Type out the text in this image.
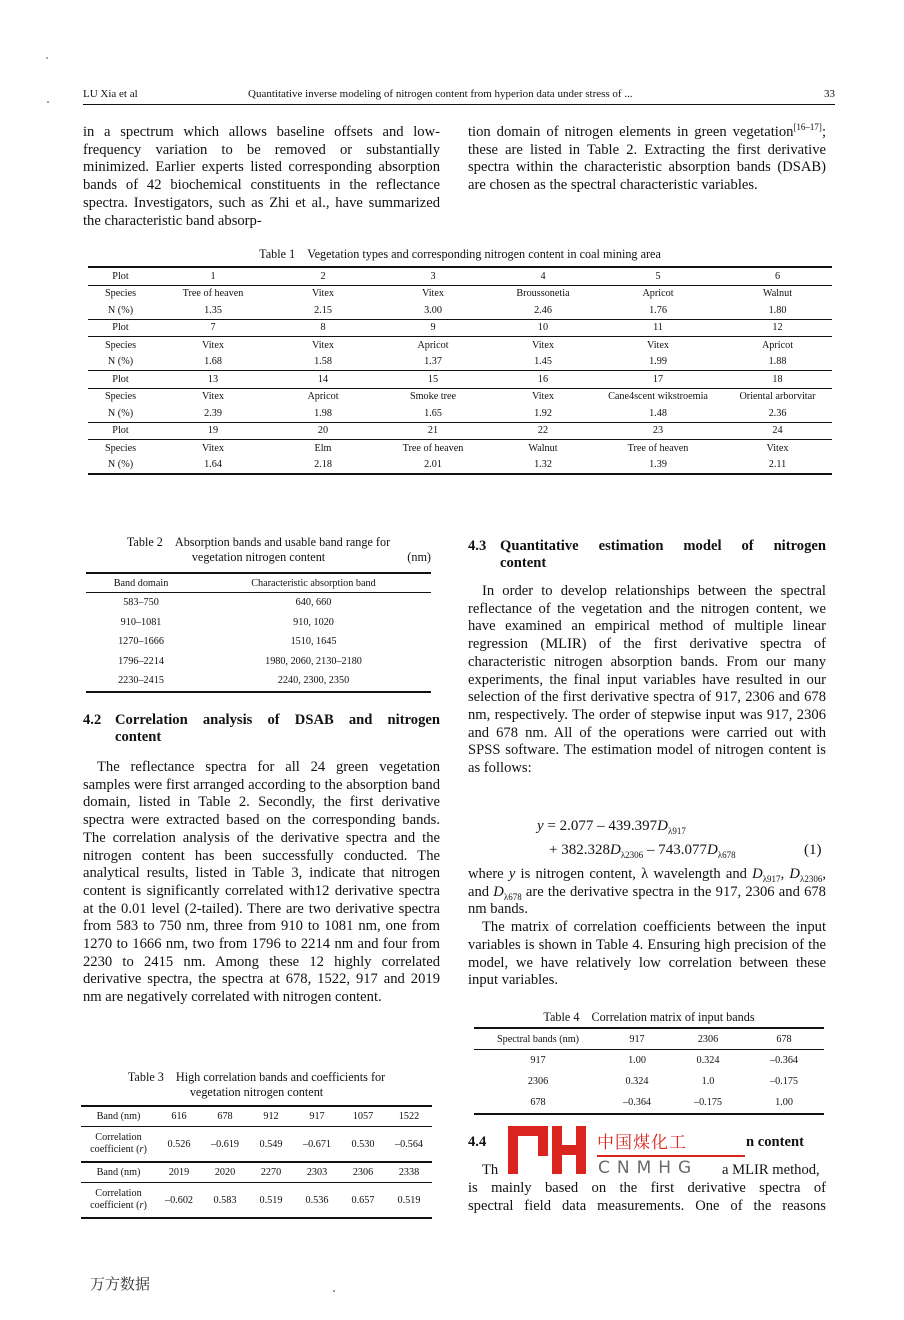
LU Xia et al	Quantitative inverse modeling of nitrogen content from hyperion data under stress of ...	33

in a spectrum which allows baseline offsets and low-frequency variation to be removed or substantially minimized. Earlier experts listed corresponding absorption bands of 42 biochemical constituents in the reflectance spectra. Investigators, such as Zhi et al., have summarized the characteristic band absorp-

tion domain of nitrogen elements in green vegetation[16–17]; these are listed in Table 2. Extracting the first derivative spectra within the characteristic absorption bands (DSAB) are chosen as the spectral characteristic variables.

Table 1 Vegetation types and corresponding nitrogen content in coal mining area
Plot	1	2	3	4	5	6
Species	Tree of heaven	Vitex	Vitex	Broussonetia	Apricot	Walnut
N (%)	1.35	2.15	3.00	2.46	1.76	1.80
Plot	7	8	9	10	11	12
Species	Vitex	Vitex	Apricot	Vitex	Vitex	Apricot
N (%)	1.68	1.58	1.37	1.45	1.99	1.88
Plot	13	14	15	16	17	18
Species	Vitex	Apricot	Smoke tree	Vitex	Cane4scent wikstroemia	Oriental arborvitar
N (%)	2.39	1.98	1.65	1.92	1.48	2.36
Plot	19	20	21	22	23	24
Species	Vitex	Elm	Tree of heaven	Walnut	Tree of heaven	Vitex
N (%)	1.64	2.18	2.01	1.32	1.39	2.11
Table 2 Absorption bands and usable band range for
vegetation nitrogen content	(nm)
Band domain	Characteristic absorption band
583–750	640, 660
910–1081	910, 1020
1270–1666	1510, 1645
1796–2214	1980, 2060, 2130–2180
2230–2415	2240, 2300, 2350
4.2 Correlation analysis of DSAB and nitrogen
content

The reflectance spectra for all 24 green vegetation samples were first arranged according to the absorption band domain, listed in Table 2. Secondly, the first derivative spectra were extracted based on the corresponding bands. The correlation analysis of the derivative spectra and the nitrogen content has been successfully conducted. The analytical results, listed in Table 3, indicate that nitrogen content is significantly correlated with12 derivative spectra at the 0.01 level (2-tailed). There are two derivative spectra from 583 to 750 nm, three from 910 to 1081 nm, one from 1270 to 1666 nm, two from 1796 to 2214 nm and four from 2230 to 2415 nm. Among these 12 highly correlated derivative spectra, the spectra at 678, 1522, 917 and 2019 nm are negatively correlated with nitrogen content.

Table 3 High correlation bands and coefficients for
vegetation nitrogen content
Band (nm)	616	678	912	917	1057	1522

Correlation
coefficient (r)	0.526	–0.619	0.549	–0.671	0.530	–0.564
Band (nm)	2019	2020	2270	2303	2306	2338

Correlation
coefficient (r)	–0.602	0.583	0.519	0.536	0.657	0.519
4.3 Quantitative estimation model of nitrogen
content

In order to develop relationships between the spectral reflectance of the vegetation and the nitrogen content, we have examined an empirical method of multiple linear regression (MLIR) of the first derivative spectra of characteristic nitrogen absorption bands. From our many experiments, the final input variables have resulted in our selection of the first derivative spectra of 917, 2306 and 678 nm, respectively. The order of stepwise input was 917, 2306 and 678 nm. All of the operations were carried out with SPSS software. The estimation model of nitrogen content is as follows:

$y = 2.077 - 439.397D_{\lambda 917}$
+ $382.328D_{\lambda 2306} - 743.077D_{\lambda 678}$	(1)

where y is nitrogen content, λ wavelength and $D_{\lambda 917}$, $D_{\lambda 2306}$, and $D_{\lambda 678}$ are the derivative spectra in the 917, 2306 and 678 nm bands.

The matrix of correlation coefficients between the input variables is shown in Table 4. Ensuring high precision of the model, we have relatively low correlation between these input variables.

Table 4 Correlation matrix of input bands
Spectral bands (nm)	917	2306	678
917	1.00	0.324	–0.364
2306	0.324	1.0	–0.175
678	–0.364	–0.175	1.00
4.4	n content
Th	a MLIR method,
is mainly based on the first derivative spectra of
spectral field data measurements. One of the reasons
中国煤化工
CNMHG
万方数据
